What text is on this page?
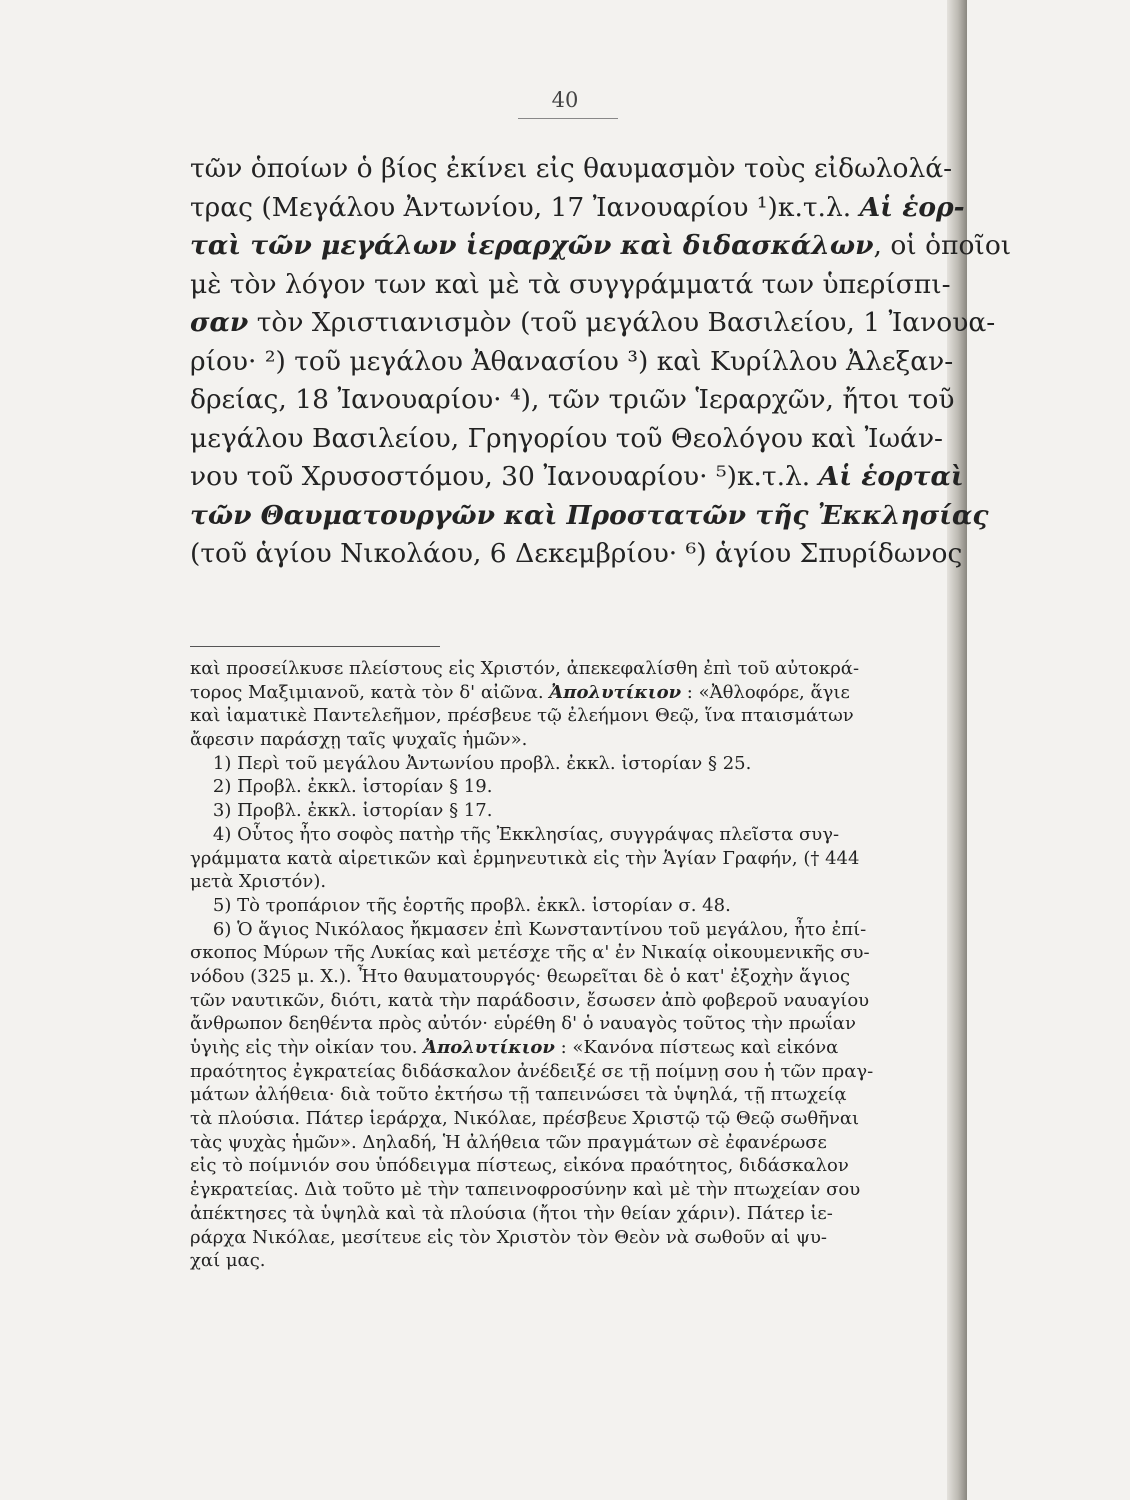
40
τῶν ὁποίων ὁ βίος ἐκίνει εἰς θαυμασμὸν τοὺς εἰδωλολά-
τρας (Μεγάλου Ἀντωνίου, 17 Ἰανουαρίου ¹)κ.τ.λ. Αἱ ἑορ-
ταὶ τῶν μεγάλων ἱεραρχῶν καὶ διδασκάλων, οἱ ὁποῖοι
μὲ τὸν λόγον των καὶ μὲ τὰ συγγράμματά των ὑπερίσπι-
σαν τὸν Χριστιανισμὸν (τοῦ μεγάλου Βασιλείου, 1 Ἰανουα-
ρίου· ²) τοῦ μεγάλου Ἀθανασίου ³) καὶ Κυρίλλου Ἀλεξαν-
δρείας, 18 Ἰανουαρίου· ⁴), τῶν τριῶν Ἱεραρχῶν, ἤτοι τοῦ
μεγάλου Βασιλείου, Γρηγορίου τοῦ Θεολόγου καὶ Ἰωάν-
νου τοῦ Χρυσοστόμου, 30 Ἰανουαρίου· ⁵)κ.τ.λ. Αἱ ἑορταὶ
τῶν Θαυματουργῶν καὶ Προστατῶν τῆς Ἐκκλησίας
(τοῦ ἁγίου Νικολάου, 6 Δεκεμβρίου· ⁶) ἁγίου Σπυρίδωνος
καὶ προσείλκυσε πλείστους εἰς Χριστόν, ἀπεκεφαλίσθη ἐπὶ τοῦ αὐτοκρά-
τορος Μαξιμιανοῦ, κατὰ τὸν δ' αἰῶνα. Ἀπολυτίκιον : «Ἀθλοφόρε, ἅγιε
καὶ ἰαματικὲ Παντελεῆμον, πρέσβευε τῷ ἐλεήμονι Θεῷ, ἵνα πταισμάτων
ἄφεσιν παράσχῃ ταῖς ψυχαῖς ἡμῶν».
1) Περὶ τοῦ μεγάλου Ἀντωνίου προβλ. ἐκκλ. ἱστορίαν § 25.
2) Προβλ. ἐκκλ. ἱστορίαν § 19.
3) Προβλ. ἐκκλ. ἱστορίαν § 17.
4) Οὗτος ἦτο σοφὸς πατὴρ τῆς Ἐκκλησίας, συγγράψας πλεῖστα συγ-
γράμματα κατὰ αἱρετικῶν καὶ ἑρμηνευτικὰ εἰς τὴν Ἁγίαν Γραφήν, († 444
μετὰ Χριστόν).
5) Τὸ τροπάριον τῆς ἑορτῆς προβλ. ἐκκλ. ἱστορίαν σ. 48.
6) Ὁ ἅγιος Νικόλαος ἤκμασεν ἐπὶ Κωνσταντίνου τοῦ μεγάλου, ἦτο ἐπί-
σκοπος Μύρων τῆς Λυκίας καὶ μετέσχε τῆς α' ἐν Νικαίᾳ οἰκουμενικῆς συ-
νόδου (325 μ. Χ.). Ἦτο θαυματουργός· θεωρεῖται δὲ ὁ κατ' ἐξοχὴν ἅγιος
τῶν ναυτικῶν, διότι, κατὰ τὴν παράδοσιν, ἔσωσεν ἀπὸ φοβεροῦ ναυαγίου
ἄνθρωπον δεηθέντα πρὸς αὐτόν· εὑρέθη δ' ὁ ναυαγὸς τοῦτος τὴν πρωΐαν
ὑγιὴς εἰς τὴν οἰκίαν του. Ἀπολυτίκιον : «Κανόνα πίστεως καὶ εἰκόνα
πραότητος ἐγκρατείας διδάσκαλον ἀνέδειξέ σε τῇ ποίμνῃ σου ἡ τῶν πραγ-
μάτων ἀλήθεια· διὰ τοῦτο ἐκτήσω τῇ ταπεινώσει τὰ ὑψηλά, τῇ πτωχείᾳ
τὰ πλούσια. Πάτερ ἱεράρχα, Νικόλαε, πρέσβευε Χριστῷ τῷ Θεῷ σωθῆναι
τὰς ψυχὰς ἡμῶν». Δηλαδή, Ἡ ἀλήθεια τῶν πραγμάτων σὲ ἐφανέρωσε
εἰς τὸ ποίμνιόν σου ὑπόδειγμα πίστεως, εἰκόνα πραότητος, διδάσκαλον
ἐγκρατείας. Διὰ τοῦτο μὲ τὴν ταπεινοφροσύνην καὶ μὲ τὴν πτωχείαν σου
ἀπέκτησες τὰ ὑψηλὰ καὶ τὰ πλούσια (ἤτοι τὴν θείαν χάριν). Πάτερ ἱε-
ράρχα Νικόλαε, μεσίτευε εἰς τὸν Χριστὸν τὸν Θεὸν νὰ σωθοῦν αἱ ψυ-
χαί μας.
